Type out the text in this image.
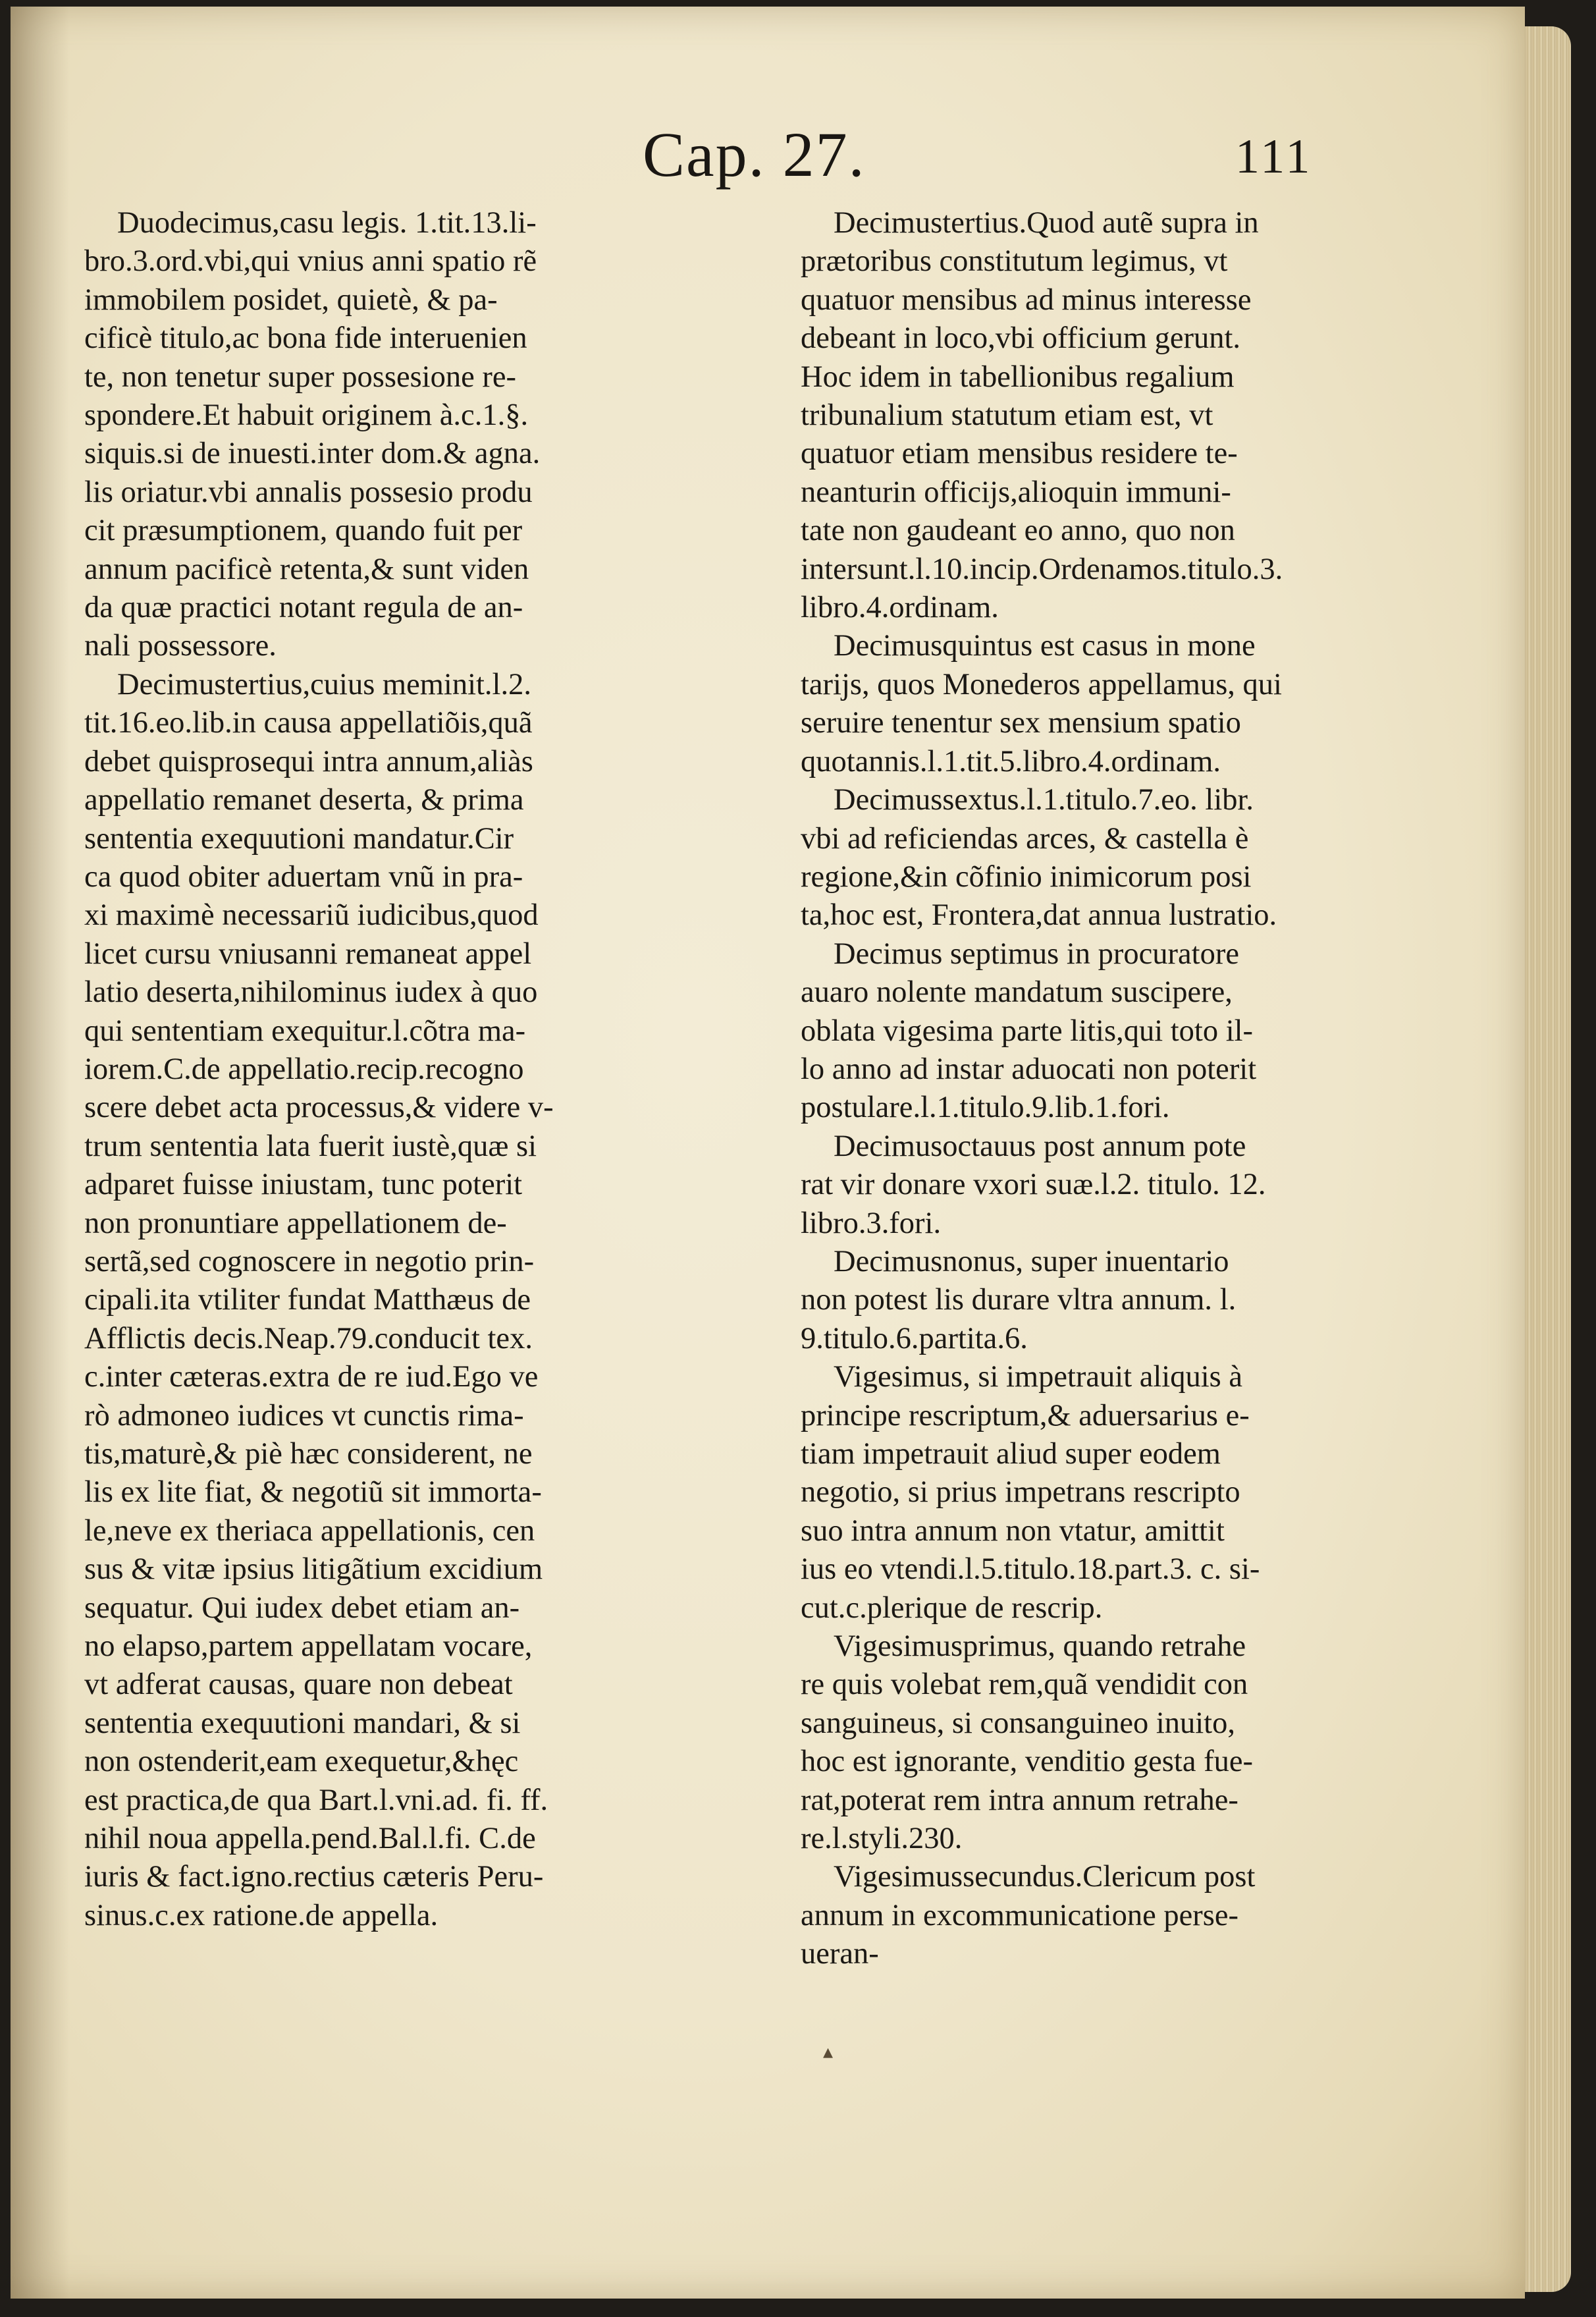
Cap. 27.	111
Duodecimus,casu legis. 1.tit.13.li-
bro.3.ord.vbi,qui vnius anni spatio rẽ
immobilem posidet, quietè, & pa-
cificè titulo,ac bona fide interuenien
te, non tenetur super possesione re-
spondere.Et habuit originem à.c.1.§.
siquis.si de inuesti.inter dom.& agna.
lis oriatur.vbi annalis possesio produ
cit præsumptionem, quando fuit per
annum pacificè retenta,& sunt viden
da quæ practici notant regula de an-
nali possessore.
Decimustertius,cuius meminit.l.2.
tit.16.eo.lib.in causa appellatiõis,quã
debet quisprosequi intra annum,aliàs
appellatio remanet deserta, & prima
sententia exequutioni mandatur.Cir
ca quod obiter aduertam vnũ in pra-
xi maximè necessariũ iudicibus,quod
licet cursu vniusanni remaneat appel
latio deserta,nihilominus iudex à quo
qui sententiam exequitur.l.cõtra ma-
iorem.C.de appellatio.recip.recogno
scere debet acta processus,& videre v-
trum sententia lata fuerit iustè,quæ si
adparet fuisse iniustam, tunc poterit
non pronuntiare appellationem de-
sertã,sed cognoscere in negotio prin-
cipali.ita vtiliter fundat Matthæus de
Afflictis decis.Neap.79.conducit tex.
c.inter cæteras.extra de re iud.Ego ve
rò admoneo iudices vt cunctis rima-
tis,maturè,& piè hæc considerent, ne
lis ex lite fiat, & negotiũ sit immorta-
le,neve ex theriaca appellationis, cen
sus & vitæ ipsius litigãtium excidium
sequatur. Qui iudex debet etiam an-
no elapso,partem appellatam vocare,
vt adferat causas, quare non debeat
sententia exequutioni mandari, & si
non ostenderit,eam exequetur,&hęc
est practica,de qua Bart.l.vni.ad. fi. ff.
nihil noua appella.pend.Bal.l.fi. C.de
iuris & fact.igno.rectius cæteris Peru-
sinus.c.ex ratione.de appella.
Decimustertius.Quod autẽ supra in
prætoribus constitutum legimus, vt
quatuor mensibus ad minus interesse
debeant in loco,vbi officium gerunt.
Hoc idem in tabellionibus regalium
tribunalium statutum etiam est, vt
quatuor etiam mensibus residere te-
neanturin officijs,alioquin immuni-
tate non gaudeant eo anno, quo non
intersunt.l.10.incip.Ordenamos.titulo.3.
libro.4.ordinam.
Decimusquintus est casus in mone
tarijs, quos Monederos appellamus, qui
seruire tenentur sex mensium spatio
quotannis.l.1.tit.5.libro.4.ordinam.
Decimussextus.l.1.titulo.7.eo. libr.
vbi ad reficiendas arces, & castella è
regione,&in cõfinio inimicorum posi
ta,hoc est, Frontera,dat annua lustratio.
Decimus septimus in procuratore
auaro nolente mandatum suscipere,
oblata vigesima parte litis,qui toto il-
lo anno ad instar aduocati non poterit
postulare.l.1.titulo.9.lib.1.fori.
Decimusoctauus post annum pote
rat vir donare vxori suæ.l.2. titulo. 12.
libro.3.fori.
Decimusnonus, super inuentario
non potest lis durare vltra annum. l.
9.titulo.6.partita.6.
Vigesimus, si impetrauit aliquis à
principe rescriptum,& aduersarius e-
tiam impetrauit aliud super eodem
negotio, si prius impetrans rescripto
suo intra annum non vtatur, amittit
ius eo vtendi.l.5.titulo.18.part.3. c. si-
cut.c.plerique de rescrip.
Vigesimusprimus, quando retrahe
re quis volebat rem,quã vendidit con
sanguineus, si consanguineo inuito,
hoc est ignorante, venditio gesta fue-
rat,poterat rem intra annum retrahe-
re.l.styli.230.
Vigesimussecundus.Clericum post
annum in excommunicatione perse-
ueran-
▴
